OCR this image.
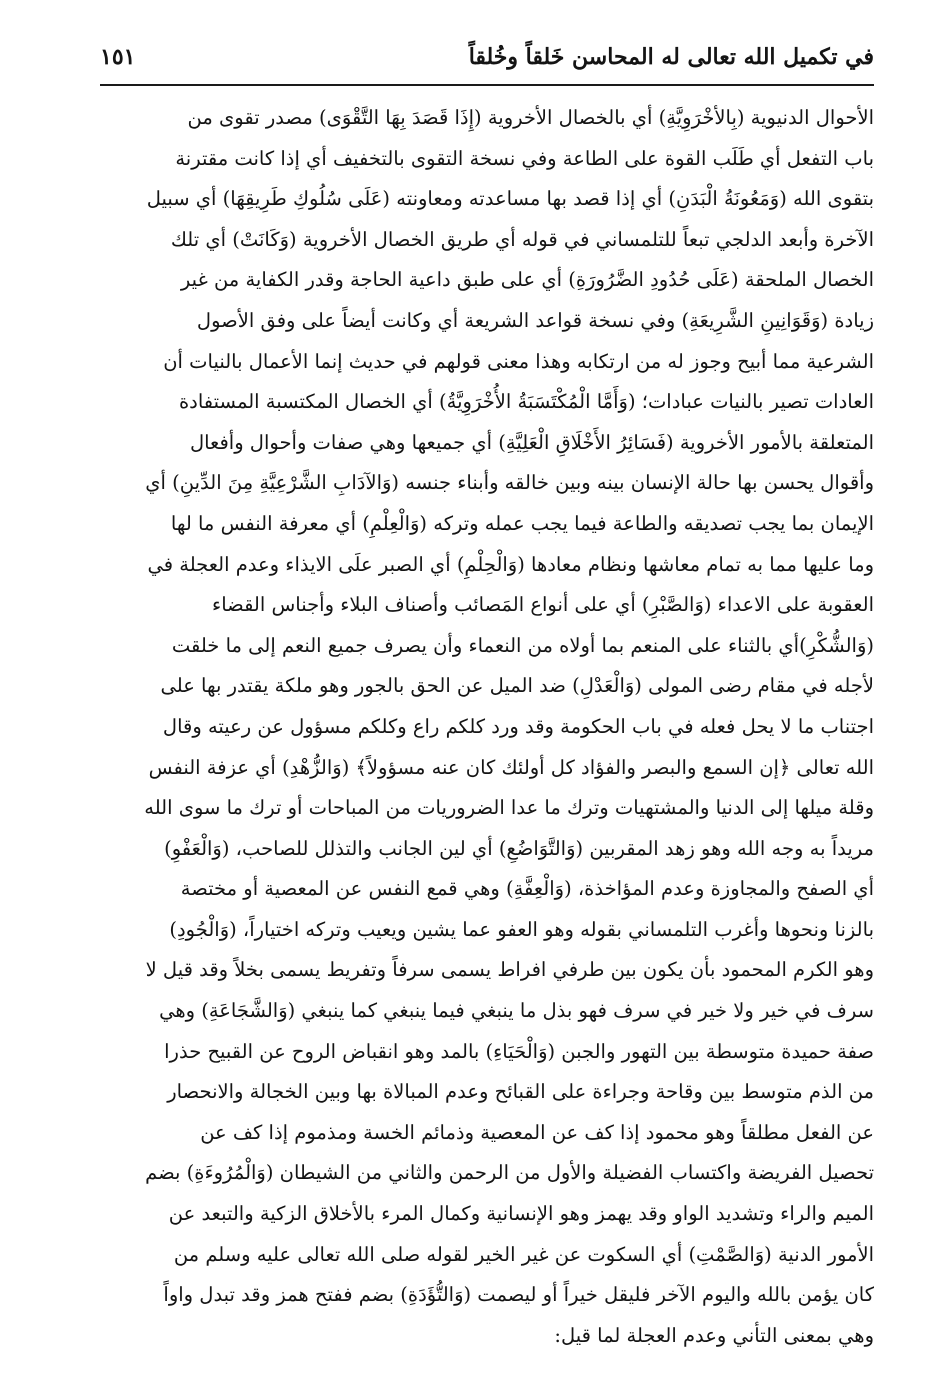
في تكميل الله تعالى له المحاسن خَلقاً وخُلقاً
١٥١
الأحوال الدنيوية (بِالأخْرَوِيَّةِ) أي بالخصال الأخروية (إِذَا قَصَدَ بِهَا التَّقْوَى) مصدر تقوى من
باب التفعل أي طَلَب القوة على الطاعة وفي نسخة التقوى بالتخفيف أي إذا كانت مقترنة
بتقوى الله (وَمَعُونَةُ الْبَدَنِ) أي إذا قصد بها مساعدته ومعاونته (عَلَى سُلُوكِ طَرِيقِهَا) أي سبيل
الآخرة وأبعد الدلجي تبعاً للتلمساني في قوله أي طريق الخصال الأخروية (وَكَانَتْ) أي تلك
الخصال الملحقة (عَلَى حُدُودِ الضَّرُورَةِ) أي على طبق داعية الحاجة وقدر الكفاية من غير
زيادة (وَقَوَانِينِ الشَّرِيعَةِ) وفي نسخة قواعد الشريعة أي وكانت أيضاً على وفق الأصول
الشرعية مما أبيح وجوز له من ارتكابه وهذا معنى قولهم في حديث إنما الأعمال بالنيات أن
العادات تصير بالنيات عبادات؛ (وَأَمَّا الْمُكْتَسَبَةُ الأُخْرَوِيَّةُ) أي الخصال المكتسبة المستفادة
المتعلقة بالأمور الأخروية (فَسَائِرُ الأَخْلَاقِ الْعَلِيَّةِ) أي جميعها وهي صفات وأحوال وأفعال
وأقوال يحسن بها حالة الإنسان بينه وبين خالقه وأبناء جنسه (وَالآدَابِ الشَّرْعِيَّةِ مِنَ الدِّينِ) أي
الإيمان بما يجب تصديقه والطاعة فيما يجب عمله وتركه (وَالْعِلْمِ) أي معرفة النفس ما لها
وما عليها مما به تمام معاشها ونظام معادها (وَالْحِلْمِ) أي الصبر علَى الايذاء وعدم العجلة في
العقوبة على الاعداء (وَالصَّبْرِ) أي على أنواع المَصائب وأصناف البلاء وأجناس القضاء
(وَالشُّكْرِ)أي بالثناء على المنعم بما أولاه من النعماء وأن يصرف جميع النعم إلى ما خلقت
لأجله في مقام رضى المولى (وَالْعَدْلِ) ضد الميل عن الحق بالجور وهو ملكة يقتدر بها على
اجتناب ما لا يحل فعله في باب الحكومة وقد ورد كلكم راع وكلكم مسؤول عن رعيته وقال
الله تعالى ﴿إن السمع والبصر والفؤاد كل أولئك كان عنه مسؤولاً﴾ (وَالزُّهْدِ) أي عزفة النفس
وقلة ميلها إلى الدنيا والمشتهيات وترك ما عدا الضروريات من المباحات أو ترك ما سوى الله
مريداً به وجه الله وهو زهد المقربين (وَالتَّوَاضُعِ) أي لين الجانب والتذلل للصاحب، (وَالْعَفْوِ)
أي الصفح والمجاوزة وعدم المؤاخذة، (وَالْعِفَّةِ) وهي قمع النفس عن المعصية أو مختصة
بالزنا ونحوها وأغرب التلمساني بقوله وهو العفو عما يشين ويعيب وتركه اختياراً، (وَالْجُودِ)
وهو الكرم المحمود بأن يكون بين طرفي افراط يسمى سرفاً وتفريط يسمى بخلاً وقد قيل لا
سرف في خير ولا خير في سرف فهو بذل ما ينبغي فيما ينبغي كما ينبغي (وَالشَّجَاعَةِ) وهي
صفة حميدة متوسطة بين التهور والجبن (وَالْحَيَاءِ) بالمد وهو انقباض الروح عن القبيح حذرا
من الذم متوسط بين وقاحة وجراءة على القبائح وعدم المبالاة بها وبين الخجالة والانحصار
عن الفعل مطلقاً وهو محمود إذا كف عن المعصية وذمائم الخسة ومذموم إذا كف عن
تحصيل الفريضة واكتساب الفضيلة والأول من الرحمن والثاني من الشيطان (وَالْمُرُوءَةِ) بضم
الميم والراء وتشديد الواو وقد يهمز وهو الإنسانية وكمال المرء بالأخلاق الزكية والتبعد عن
الأمور الدنية (وَالصَّمْتِ) أي السكوت عن غير الخير لقوله صلى الله تعالى عليه وسلم من
كان يؤمن بالله واليوم الآخر فليقل خيراً أو ليصمت (وَالتُّؤَدَةِ) بضم ففتح همز وقد تبدل واواً
وهي بمعنى التأني وعدم العجلة لما قيل:
